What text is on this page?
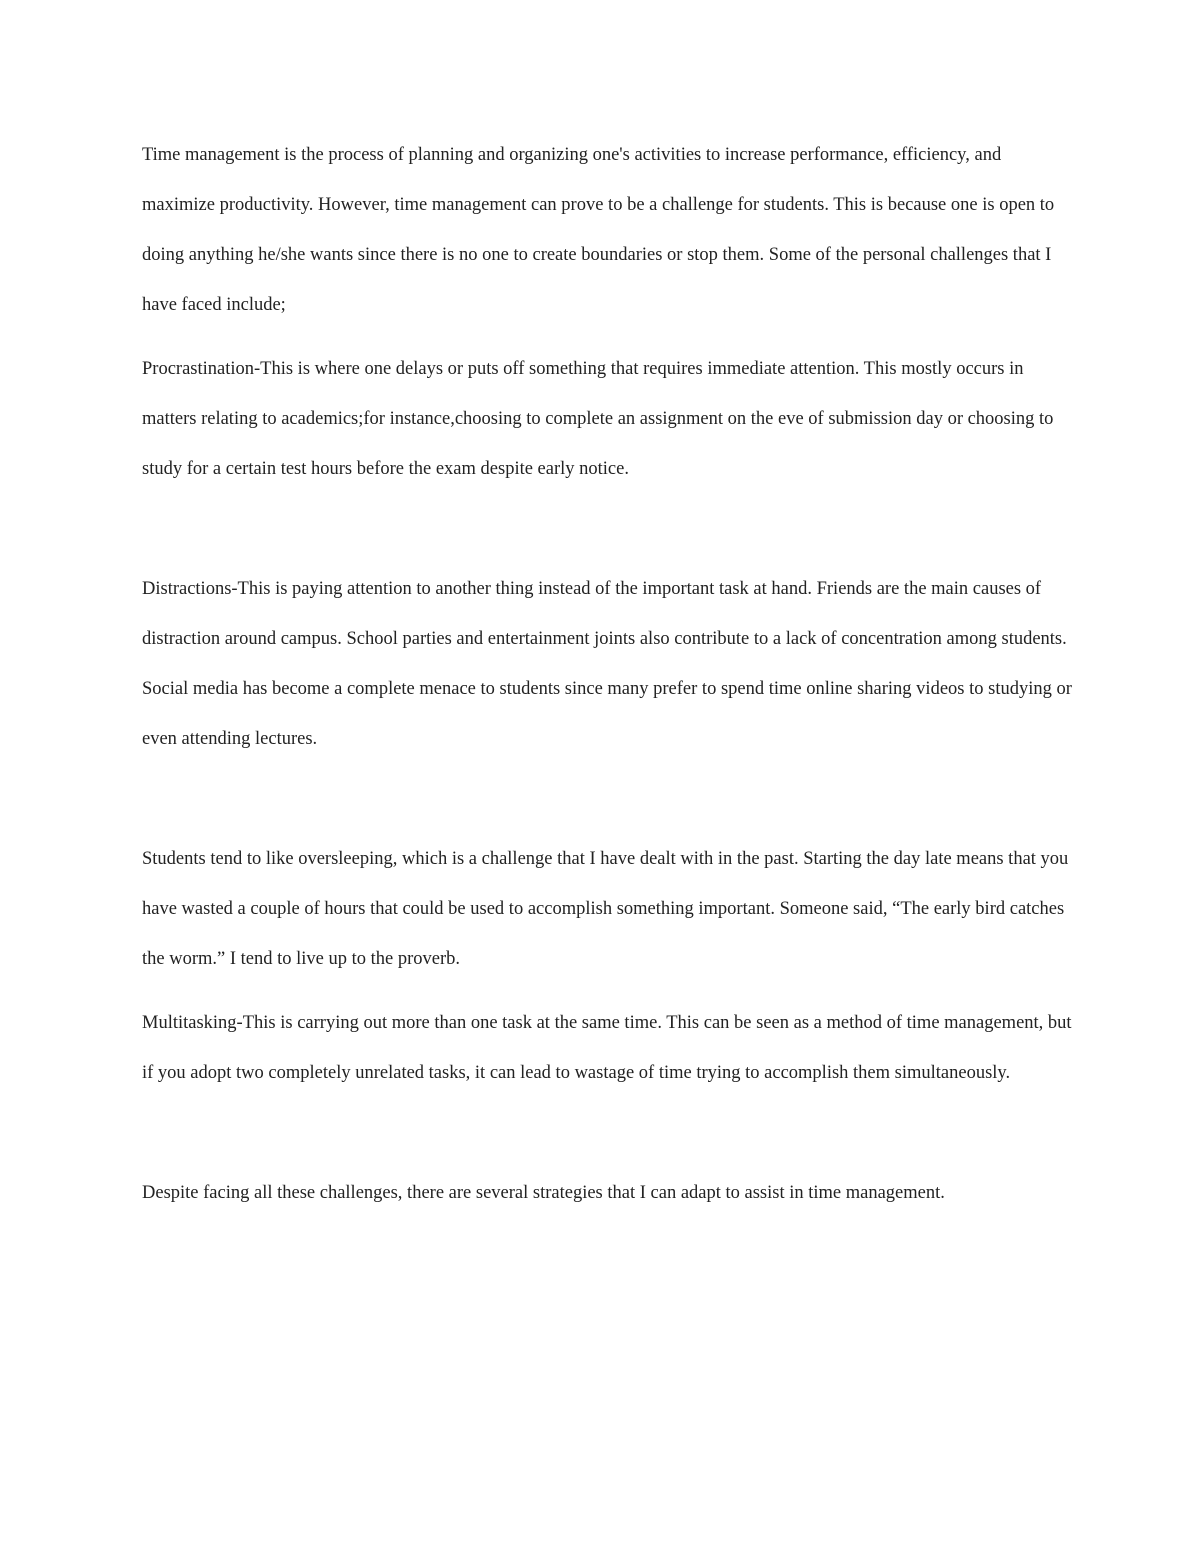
Time management is the process of planning and organizing one's activities to increase performance, efficiency, and maximize productivity. However, time management can prove to be a challenge for students. This is because one is open to doing anything he/she wants since there is no one to create boundaries or stop them. Some of the personal challenges that I have faced include;

Procrastination-This is where one delays or puts off something that requires immediate attention. This mostly occurs in matters relating to academics;for instance,choosing to complete an assignment on the eve of submission day or choosing to study for a certain test hours before the exam despite early notice.

Distractions-This is paying attention to another thing instead of the important task at hand. Friends are the main causes of distraction around campus. School parties and entertainment joints also contribute to a lack of concentration among students. Social media has become a complete menace to students since many prefer to spend time online sharing videos to studying or even attending lectures.

Students tend to like oversleeping, which is a challenge that I have dealt with in the past. Starting the day late means that you have wasted a couple of hours that could be used to accomplish something important. Someone said, “The early bird catches the worm.” I tend to live up to the proverb.

Multitasking-This is carrying out more than one task at the same time. This can be seen as a method of time management, but if you adopt two completely unrelated tasks, it can lead to wastage of time trying to accomplish them simultaneously.

Despite facing all these challenges, there are several strategies that I can adapt to assist in time management.
